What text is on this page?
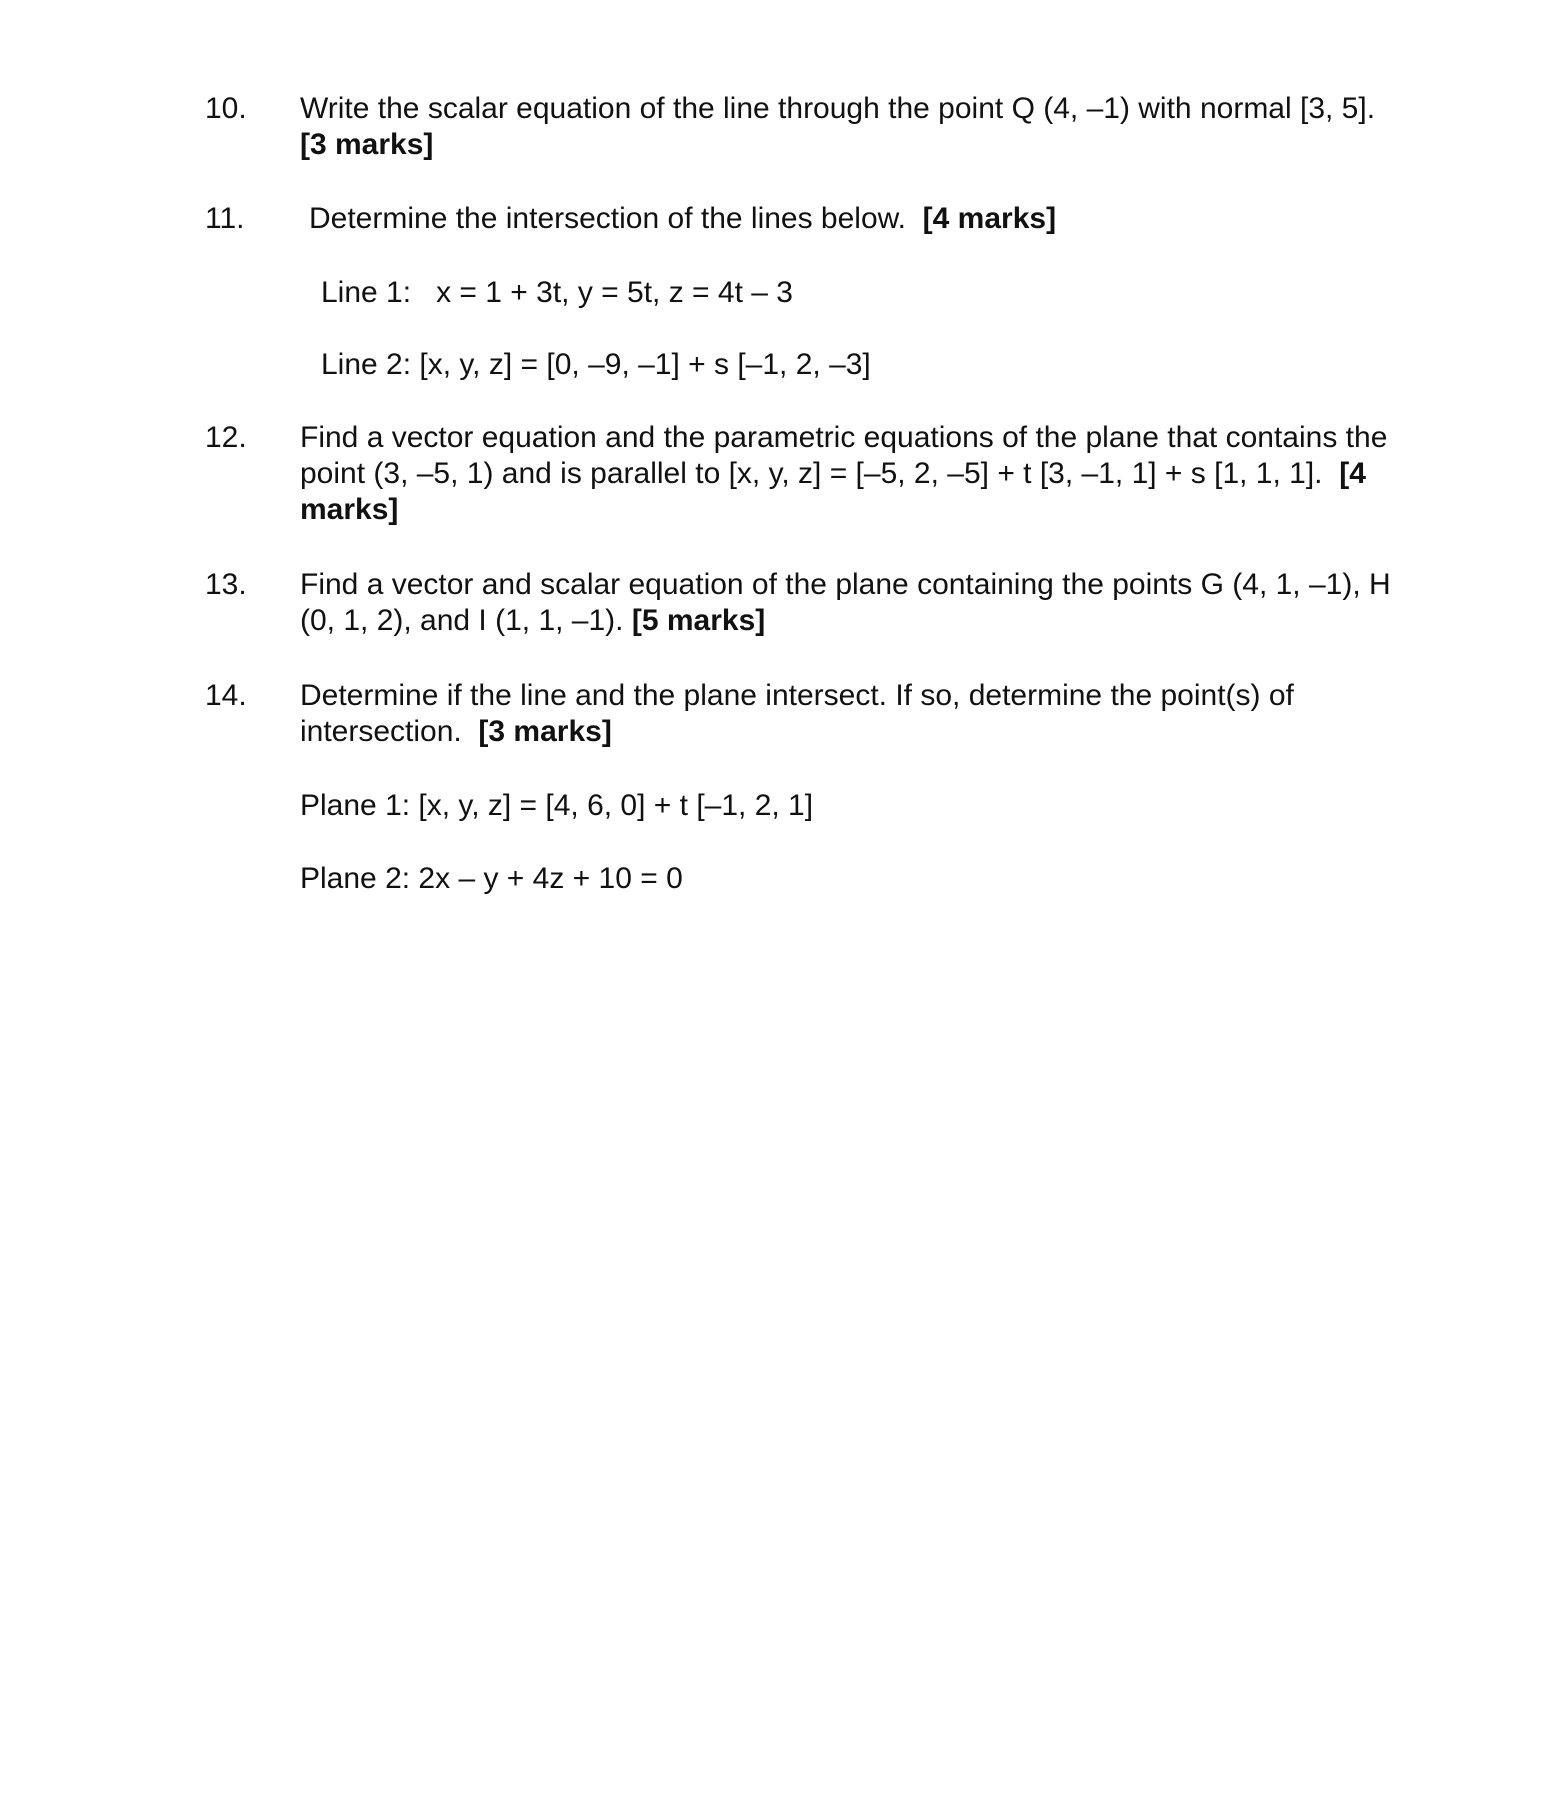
10. Write the scalar equation of the line through the point Q (4, –1) with normal [3, 5].
[3 marks]
11. Determine the intersection of the lines below.  [4 marks]
Line 1:   x = 1 + 3t, y = 5t, z = 4t – 3
Line 2: [x, y, z] = [0, –9, –1] + s [–1, 2, –3]
12. Find a vector equation and the parametric equations of the plane that contains the
point (3, –5, 1) and is parallel to [x, y, z] = [–5, 2, –5] + t [3, –1, 1] + s [1, 1, 1].  [4
marks]
13. Find a vector and scalar equation of the plane containing the points G (4, 1, –1), H
(0, 1, 2), and I (1, 1, –1). [5 marks]
14. Determine if the line and the plane intersect. If so, determine the point(s) of
intersection.  [3 marks]
Plane 1: [x, y, z] = [4, 6, 0] + t [–1, 2, 1]
Plane 2: 2x – y + 4z + 10 = 0
